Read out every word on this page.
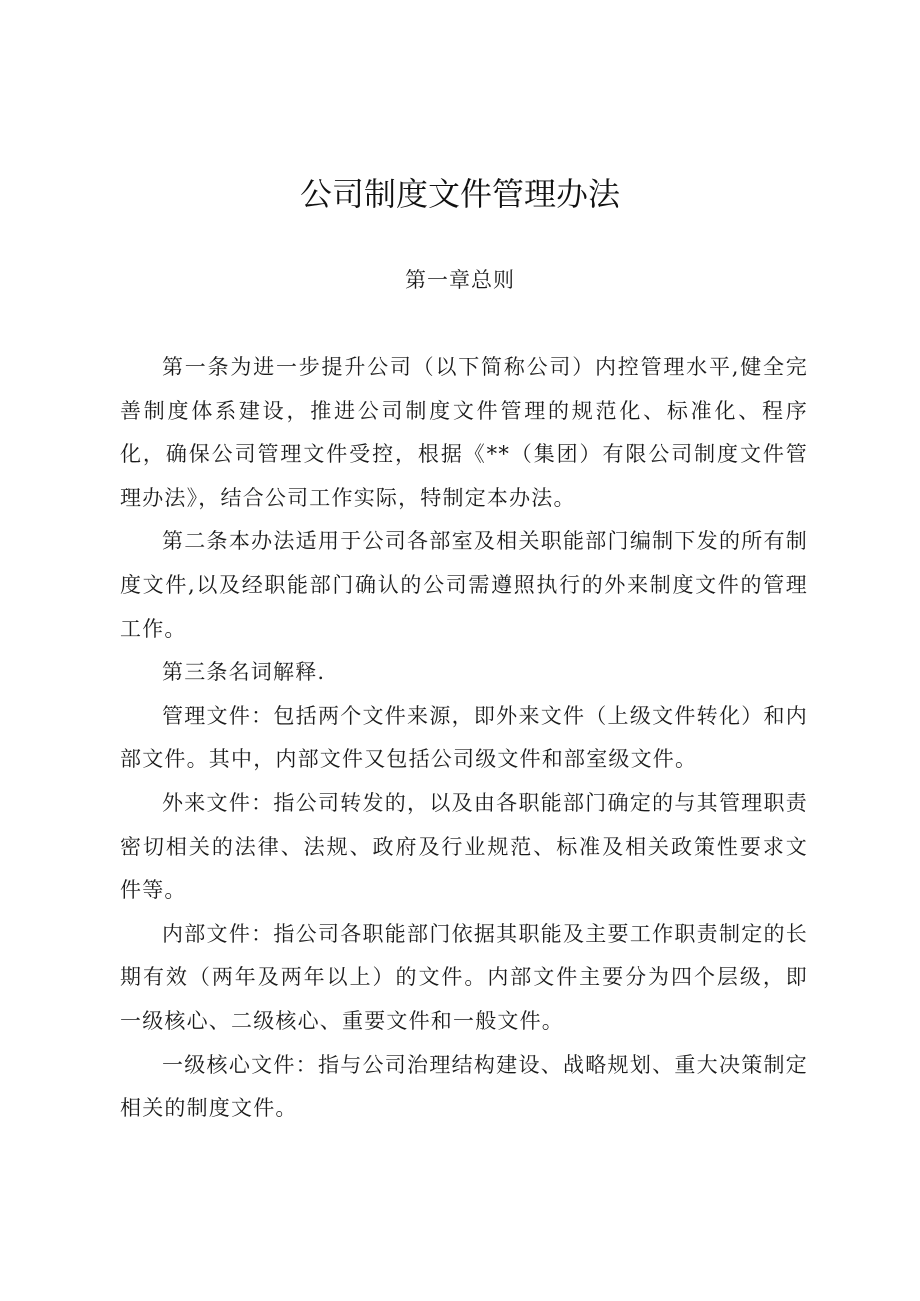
公司制度文件管理办法
第一章总则

第一条为进一步提升公司（以下简称公司）内控管理水平,健全完善制度体系建设，推进公司制度文件管理的规范化、标准化、程序化，确保公司管理文件受控，根据《**（集团）有限公司制度文件管理办法》，结合公司工作实际，特制定本办法。

第二条本办法适用于公司各部室及相关职能部门编制下发的所有制度文件,以及经职能部门确认的公司需遵照执行的外来制度文件的管理工作。

第三条名词解释.

管理文件：包括两个文件来源，即外来文件（上级文件转化）和内部文件。其中，内部文件又包括公司级文件和部室级文件。

外来文件：指公司转发的，以及由各职能部门确定的与其管理职责密切相关的法律、法规、政府及行业规范、标准及相关政策性要求文件等。

内部文件：指公司各职能部门依据其职能及主要工作职责制定的长期有效（两年及两年以上）的文件。内部文件主要分为四个层级，即一级核心、二级核心、重要文件和一般文件。

一级核心文件：指与公司治理结构建设、战略规划、重大决策制定相关的制度文件。
